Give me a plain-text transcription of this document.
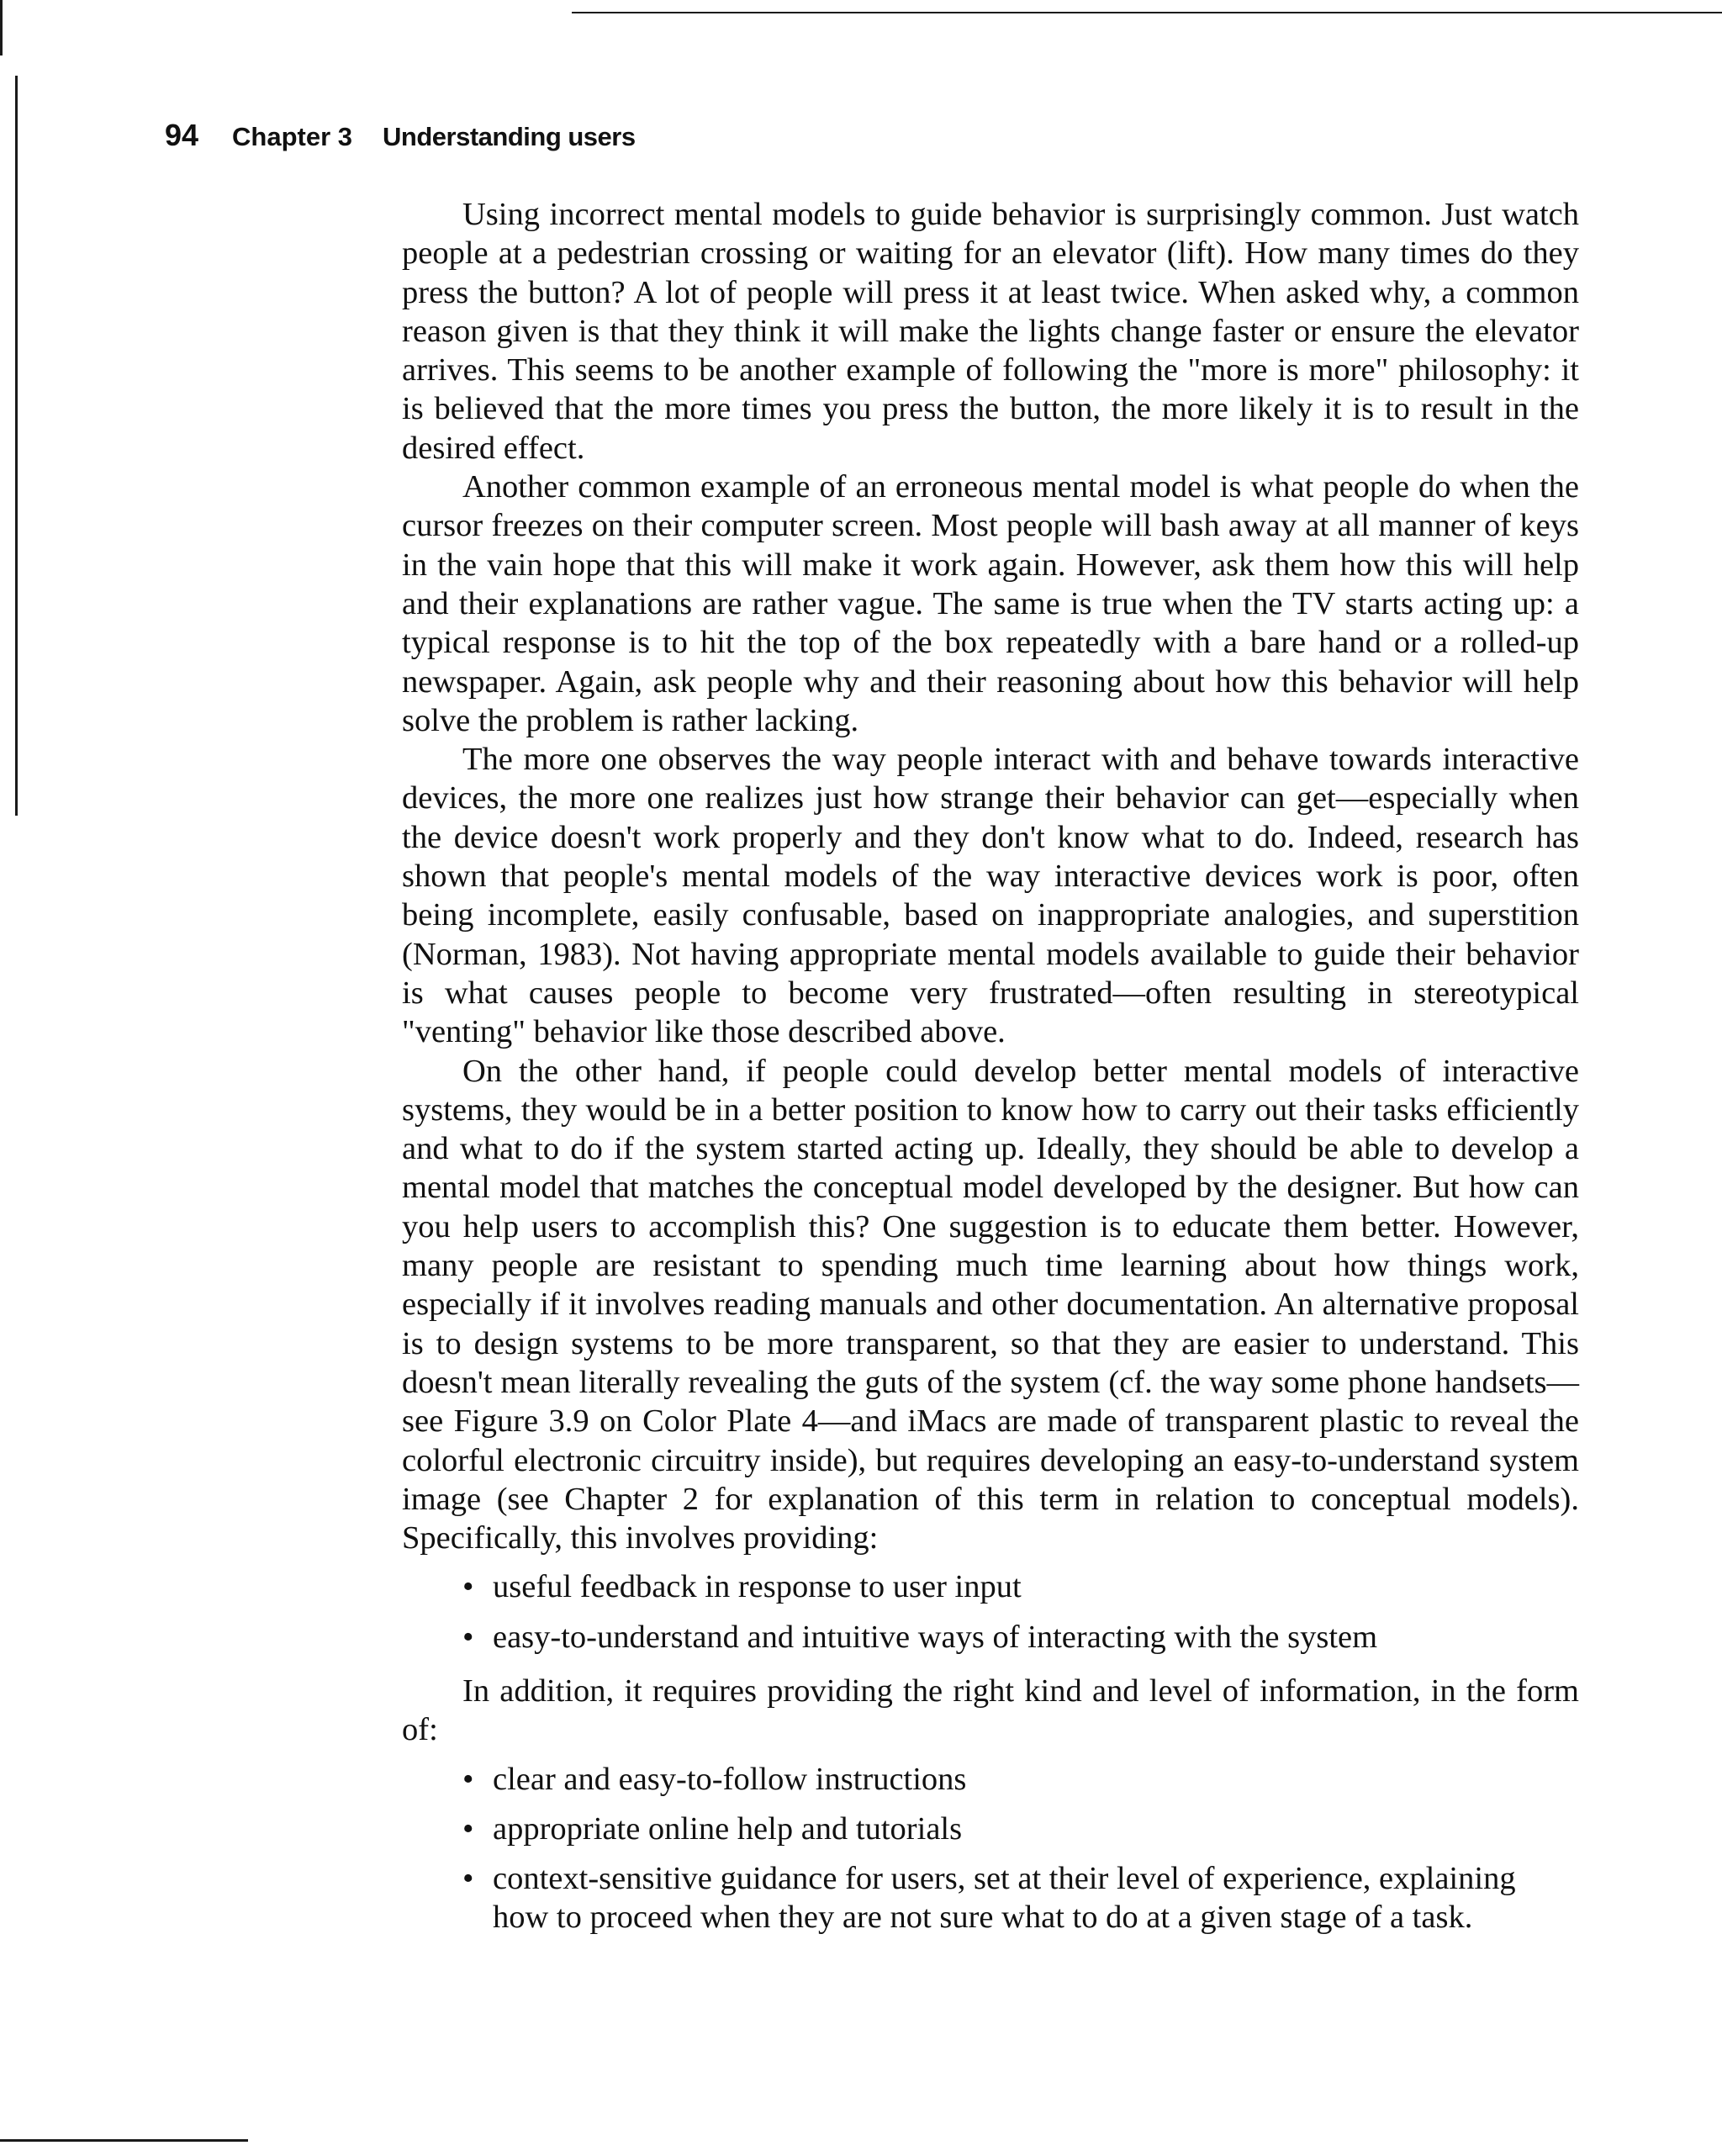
94 Chapter 3 Understanding users

Using incorrect mental models to guide behavior is surprisingly common. Just watch people at a pedestrian crossing or waiting for an elevator (lift). How many times do they press the button? A lot of people will press it at least twice. When asked why, a common reason given is that they think it will make the lights change faster or ensure the elevator arrives. This seems to be another example of following the "more is more" philosophy: it is believed that the more times you press the button, the more likely it is to result in the desired effect.

Another common example of an erroneous mental model is what people do when the cursor freezes on their computer screen. Most people will bash away at all manner of keys in the vain hope that this will make it work again. However, ask them how this will help and their explanations are rather vague. The same is true when the TV starts acting up: a typical response is to hit the top of the box repeatedly with a bare hand or a rolled-up newspaper. Again, ask people why and their reasoning about how this behavior will help solve the problem is rather lacking.

The more one observes the way people interact with and behave towards interactive devices, the more one realizes just how strange their behavior can get—especially when the device doesn't work properly and they don't know what to do. Indeed, research has shown that people's mental models of the way interactive devices work is poor, often being incomplete, easily confusable, based on inappropriate analogies, and superstition (Norman, 1983). Not having appropriate mental models available to guide their behavior is what causes people to become very frustrated—often resulting in stereotypical "venting" behavior like those described above.

On the other hand, if people could develop better mental models of interactive systems, they would be in a better position to know how to carry out their tasks efficiently and what to do if the system started acting up. Ideally, they should be able to develop a mental model that matches the conceptual model developed by the designer. But how can you help users to accomplish this? One suggestion is to educate them better. However, many people are resistant to spending much time learning about how things work, especially if it involves reading manuals and other documentation. An alternative proposal is to design systems to be more transparent, so that they are easier to understand. This doesn't mean literally revealing the guts of the system (cf. the way some phone handsets—see Figure 3.9 on Color Plate 4—and iMacs are made of transparent plastic to reveal the colorful electronic circuitry inside), but requires developing an easy-to-understand system image (see Chapter 2 for explanation of this term in relation to conceptual models). Specifically, this involves providing:

• useful feedback in response to user input
• easy-to-understand and intuitive ways of interacting with the system

In addition, it requires providing the right kind and level of information, in the form of:

• clear and easy-to-follow instructions
• appropriate online help and tutorials
• context-sensitive guidance for users, set at their level of experience, explaining how to proceed when they are not sure what to do at a given stage of a task.
